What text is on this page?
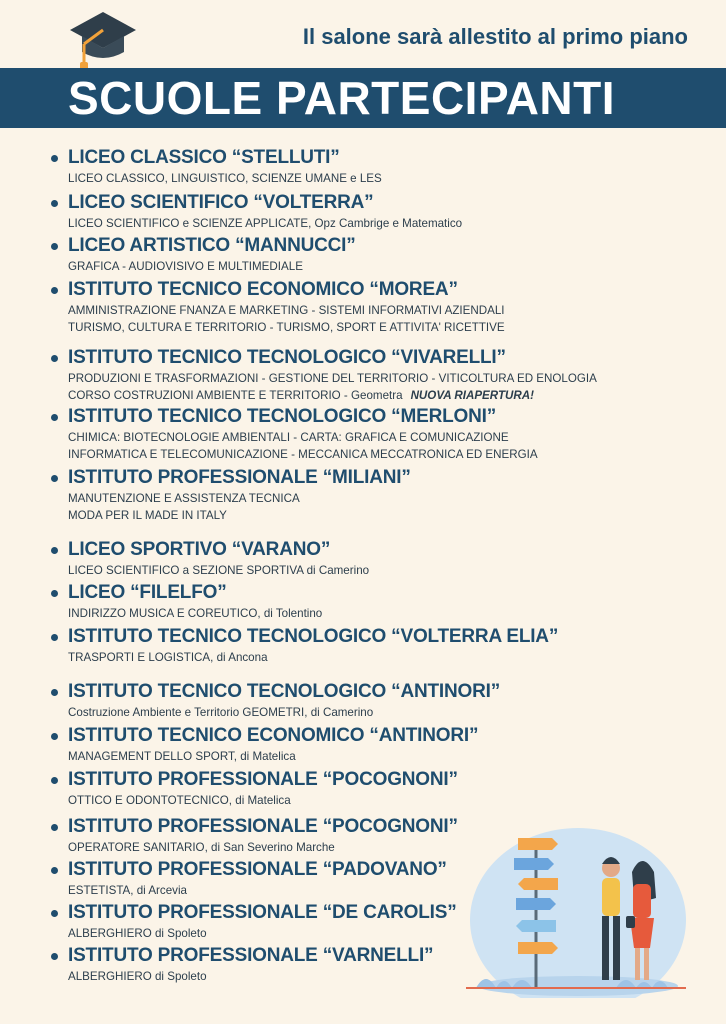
Il salone sarà allestito al primo piano
SCUOLE PARTECIPANTI
LICEO CLASSICO “STELLUTI”
LICEO CLASSICO, LINGUISTICO, SCIENZE UMANE e LES
LICEO SCIENTIFICO “VOLTERRA”
LICEO SCIENTIFICO e SCIENZE APPLICATE, Opz Cambrige e Matematico
LICEO ARTISTICO “MANNUCCI”
GRAFICA - AUDIOVISIVO E MULTIMEDIALE
ISTITUTO TECNICO ECONOMICO “MOREA”
AMMINISTRAZIONE FNANZA E MARKETING - SISTEMI INFORMATIVI AZIENDALI
TURISMO, CULTURA E TERRITORIO - TURISMO, SPORT E ATTIVITA' RICETTIVE
ISTITUTO TECNICO TECNOLOGICO “VIVARELLI”
PRODUZIONI E TRASFORMAZIONI - GESTIONE DEL TERRITORIO - VITICOLTURA ED ENOLOGIA
CORSO COSTRUZIONI AMBIENTE E TERRITORIO - Geometra NUOVA RIAPERTURA!
ISTITUTO TECNICO TECNOLOGICO “MERLONI”
CHIMICA: BIOTECNOLOGIE AMBIENTALI - CARTA: GRAFICA E COMUNICAZIONE
INFORMATICA E TELECOMUNICAZIONE - MECCANICA MECCATRONICA ED ENERGIA
ISTITUTO PROFESSIONALE “MILIANI”
MANUTENZIONE E ASSISTENZA TECNICA
MODA PER IL MADE IN ITALY
LICEO SPORTIVO “VARANO”
LICEO SCIENTIFICO a SEZIONE SPORTIVA di Camerino
LICEO “FILELFO”
INDIRIZZO MUSICA E COREUTICO, di Tolentino
ISTITUTO TECNICO TECNOLOGICO “VOLTERRA ELIA”
TRASPORTI E LOGISTICA, di Ancona
ISTITUTO TECNICO TECNOLOGICO “ANTINORI”
Costruzione Ambiente e Territorio GEOMETRI, di Camerino
ISTITUTO TECNICO ECONOMICO “ANTINORI”
MANAGEMENT DELLO SPORT, di Matelica
ISTITUTO PROFESSIONALE “POCOGNONI”
OTTICO E ODONTOTECNICO, di Matelica
ISTITUTO PROFESSIONALE “POCOGNONI”
OPERATORE SANITARIO, di San Severino Marche
ISTITUTO PROFESSIONALE “PADOVANO”
ESTETISTA, di Arcevia
ISTITUTO PROFESSIONALE “DE CAROLIS”
ALBERGHIERO di Spoleto
ISTITUTO PROFESSIONALE “VARNELLI”
ALBERGHIERO di Spoleto
